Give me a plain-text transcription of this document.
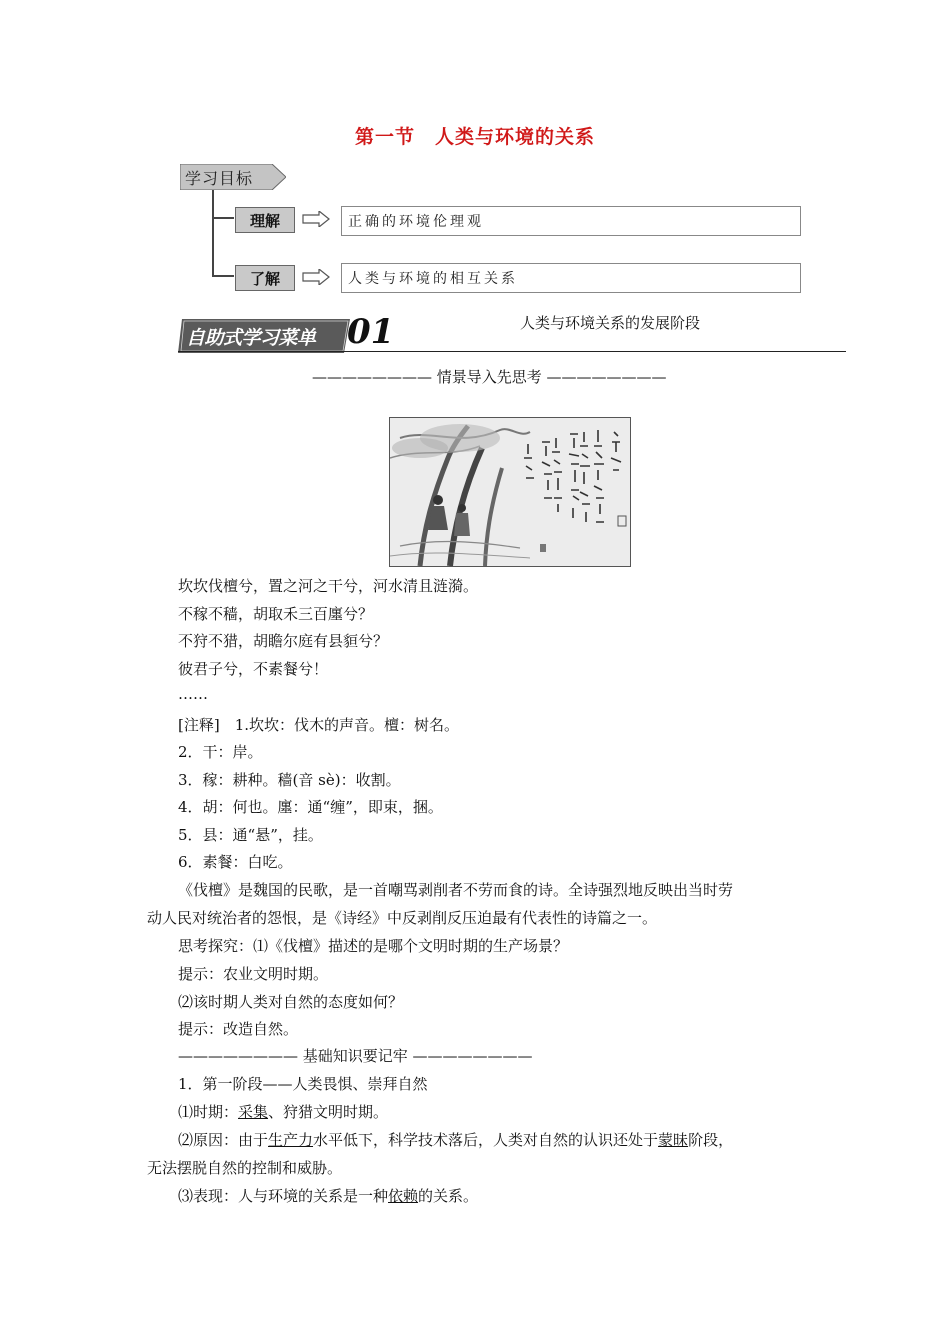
第一节　人类与环境的关系
学习目标
理解	正确的环境伦理观
了解	人类与环境的相互关系
自助式学习菜单 01	人类与环境关系的发展阶段
———————— 情景导入先思考 ————————
坎坎伐檀兮，置之河之干兮，河水清且涟漪。
不稼不穑，胡取禾三百廛兮？
不狩不猎，胡瞻尔庭有县貆兮？
彼君子兮，不素餐兮！
……
[注释]　1.坎坎：伐木的声音。檀：树名。
2．干：岸。
3．稼：耕种。穑(音 sè)：收割。
4．胡：何也。廛：通“缠”，即束，捆。
5．县：通“悬”，挂。
6．素餐：白吃。
《伐檀》是魏国的民歌，是一首嘲骂剥削者不劳而食的诗。全诗强烈地反映出当时劳
动人民对统治者的怨恨，是《诗经》中反剥削反压迫最有代表性的诗篇之一。
思考探究：⑴《伐檀》描述的是哪个文明时期的生产场景？
提示：农业文明时期。
⑵该时期人类对自然的态度如何？
提示：改造自然。
———————— 基础知识要记牢 ————————
1．第一阶段——人类畏惧、崇拜自然
⑴时期：采集、狩猎文明时期。
⑵原因：由于生产力水平低下，科学技术落后，人类对自然的认识还处于蒙昧阶段，
无法摆脱自然的控制和威胁。
⑶表现：人与环境的关系是一种依赖的关系。
